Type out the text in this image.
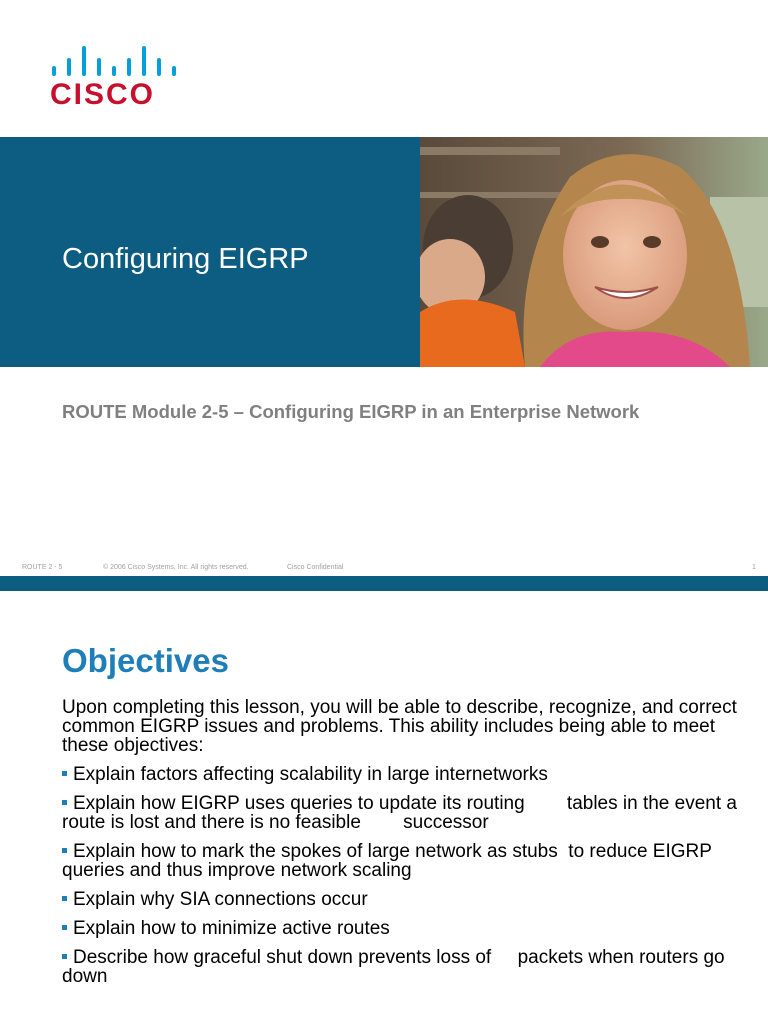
CISCO
Configuring EIGRP
ROUTE Module 2-5 – Configuring EIGRP in an Enterprise Network
ROUTE 2 - 5	© 2006 Cisco Systems, Inc. All rights reserved.	Cisco Confidential	1
Objectives
Upon completing this lesson, you will be able to describe, recognize, and correct common EIGRP issues and problems. This ability includes being able to meet these objectives:
Explain factors affecting scalability in large internetworks
Explain how EIGRP uses queries to update its routing        tables in the event a route is lost and there is no feasible        successor
Explain how to mark the spokes of large network as stubs  to reduce EIGRP queries and thus improve network scaling
Explain why SIA connections occur
Explain how to minimize active routes
Describe how graceful shut down prevents loss of     packets when routers go down
